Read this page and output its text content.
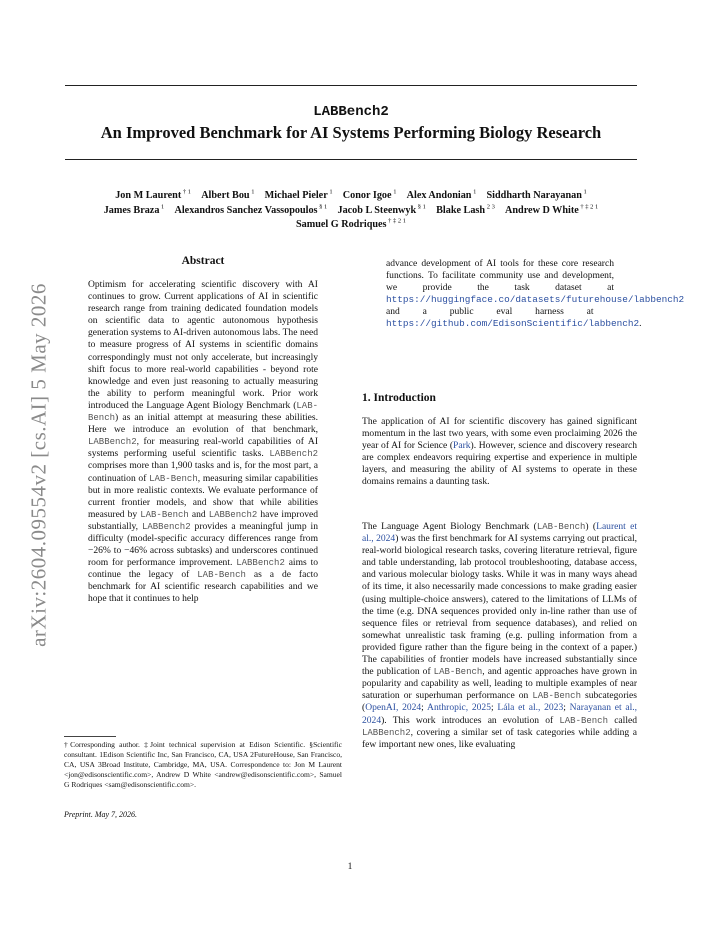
arXiv:2604.09554v2 [cs.AI] 5 May 2026
LABBench2
An Improved Benchmark for AI Systems Performing Biology Research
Jon M Laurent $^{\dagger 1}$  Albert Bou $^1$  Michael Pieler $^1$  Conor Igoe $^1$  Alex Andonian $^1$  Siddharth Narayanan $^1$
James Braza $^1$  Alexandros Sanchez Vassopoulos $^{\S 1}$  Jacob L Steenwyk $^{\S 1}$  Blake Lash $^{2 3}$  Andrew D White $^{\dagger \ddagger 2 1}$
Samuel G Rodriques $^{\dagger \ddagger 2 1}$
Abstract

Optimism for accelerating scientific discovery with AI continues to grow. Current applications of AI in scientific research range from training dedicated foundation models on scientific data to agentic autonomous hypothesis generation systems to AI-driven autonomous labs. The need to measure progress of AI systems in scientific domains correspondingly must not only accelerate, but increasingly shift focus to more real-world capabilities - beyond rote knowledge and even just reasoning to actually measuring the ability to perform meaningful work. Prior work introduced the Language Agent Biology Benchmark (LAB-Bench) as an initial attempt at measuring these abilities. Here we introduce an evolution of that benchmark, LABBench2, for measuring real-world capabilities of AI systems performing useful scientific tasks. LABBench2 comprises more than 1,900 tasks and is, for the most part, a continuation of LAB-Bench, measuring similar capabilities but in more realistic contexts. We evaluate performance of current frontier models, and show that while abilities measured by LAB-Bench and LABBench2 have improved substantially, LABBench2 provides a meaningful jump in difficulty (model-specific accuracy differences range from −26% to −46% across subtasks) and underscores continued room for performance improvement. LABBench2 aims to continue the legacy of LAB-Bench as a de facto benchmark for AI scientific research capabilities and we hope that it continues to help

†Corresponding author. ‡Joint technical supervision at Edison Scientific. §Scientific consultant. 1Edison Scientific Inc, San Francisco, CA, USA 2FutureHouse, San Francisco, CA, USA 3Broad Institute, Cambridge, MA, USA. Correspondence to: Jon M Laurent <jon@edisonscientific.com>, Andrew D White <andrew@edisonscientific.com>, Samuel G Rodriques <sam@edisonscientific.com>.
Preprint. May 7, 2026.

advance development of AI tools for these core research functions. To facilitate community use and development, we provide the task dataset at https://huggingface.co/datasets/futurehouse/labbench2 and a public eval harness at https://github.com/EdisonScientific/labbench2.

1. Introduction

The application of AI for scientific discovery has gained significant momentum in the last two years, with some even proclaiming 2026 the year of AI for Science (Park). However, science and discovery research are complex endeavors requiring expertise and experience in multiple layers, and measuring the ability of AI systems to operate in these domains remains a daunting task.

The Language Agent Biology Benchmark (LAB-Bench) (Laurent et al., 2024) was the first benchmark for AI systems carrying out practical, real-world biological research tasks, covering literature retrieval, figure and table understanding, lab protocol troubleshooting, database access, and various molecular biology tasks. While it was in many ways ahead of its time, it also necessarily made concessions to make grading easier (using multiple-choice answers), catered to the limitations of LLMs of the time (e.g. DNA sequences provided only in-line rather than use of sequence files or retrieval from sequence databases), and relied on somewhat unrealistic task framing (e.g. pulling information from a provided figure rather than the figure being in the context of a paper.) The capabilities of frontier models have increased substantially since the publication of LAB-Bench, and agentic approaches have grown in popularity and capability as well, leading to multiple examples of near saturation or superhuman performance on LAB-Bench subcategories (OpenAI, 2024; Anthropic, 2025; Lála et al., 2023; Narayanan et al., 2024). This work introduces an evolution of LAB-Bench called LABBench2, covering a similar set of task categories while adding a few important new ones, like evaluating

1
